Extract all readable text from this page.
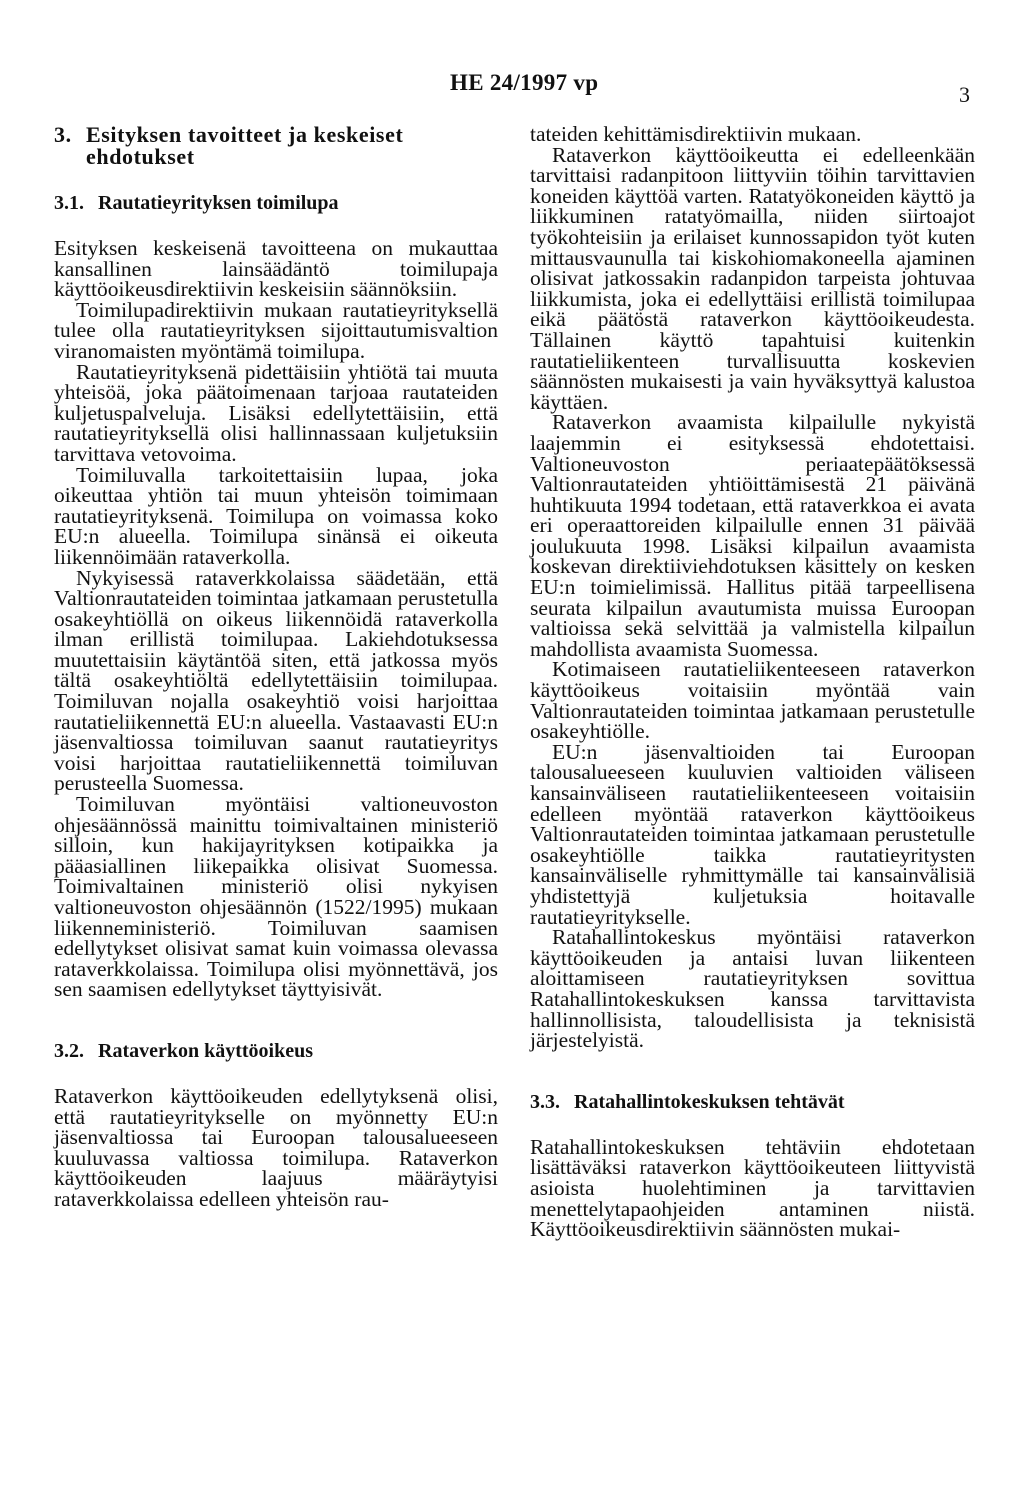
HE 24/1997 vp	3
3. Esityksen tavoitteet ja keskeiset ehdotukset
3.1. Rautatieyrityksen toimilupa

Esityksen keskeisenä tavoitteena on mukauttaa kansallinen lainsäädäntö toimilupaja käyttöoikeusdirektiivin keskeisiin säännöksiin.

Toimilupadirektiivin mukaan rautatieyrityksellä tulee olla rautatieyrityksen sijoittautumisvaltion viranomaisten myöntämä toimilupa.

Rautatieyrityksenä pidettäisiin yhtiötä tai muuta yhteisöä, joka päätoimenaan tarjoaa rautateiden kuljetuspalveluja. Lisäksi edellytettäisiin, että rautatieyrityksellä olisi hallinnassaan kuljetuksiin tarvittava vetovoima.

Toimiluvalla tarkoitettaisiin lupaa, joka oikeuttaa yhtiön tai muun yhteisön toimimaan rautatieyrityksenä. Toimilupa on voimassa koko EU:n alueella. Toimilupa sinänsä ei oikeuta liikennöimään rataverkolla.

Nykyisessä rataverkkolaissa säädetään, että Valtionrautateiden toimintaa jatkamaan perustetulla osakeyhtiöllä on oikeus liikennöidä rataverkolla ilman erillistä toimilupaa. Lakiehdotuksessa muutettaisiin käytäntöä siten, että jatkossa myös tältä osakeyhtiöltä edellytettäisiin toimilupaa. Toimiluvan nojalla osakeyhtiö voisi harjoittaa rautatieliikennettä EU:n alueella. Vastaavasti EU:n jäsenvaltiossa toimiluvan saanut rautatieyritys voisi harjoittaa rautatieliikennettä toimiluvan perusteella Suomessa.

Toimiluvan myöntäisi valtioneuvoston ohjesäännössä mainittu toimivaltainen ministeriö silloin, kun hakijayrityksen kotipaikka ja pääasiallinen liikepaikka olisivat Suomessa. Toimivaltainen ministeriö olisi nykyisen valtioneuvoston ohjesäännön (1522/1995) mukaan liikenneministeriö. Toimiluvan saamisen edellytykset olisivat samat kuin voimassa olevassa rataverkkolaissa. Toimilupa olisi myönnettävä, jos sen saamisen edellytykset täyttyisivät.

3.2. Rataverkon käyttöoikeus

Rataverkon käyttöoikeuden edellytyksenä olisi, että rautatieyritykselle on myönnetty EU:n jäsenvaltiossa tai Euroopan talousalueeseen kuuluvassa valtiossa toimilupa. Rataverkon käyttöoikeuden laajuus määräytyisi rataverkkolaissa edelleen yhteisön rau-

tateiden kehittämisdirektiivin mukaan.

Rataverkon käyttöoikeutta ei edelleenkään tarvittaisi radanpitoon liittyviin töihin tarvittavien koneiden käyttöä varten. Ratatyökoneiden käyttö ja liikkuminen ratatyömailla, niiden siirtoajot työkohteisiin ja erilaiset kunnossapidon työt kuten mittausvaunulla tai kiskohiomakoneella ajaminen olisivat jatkossakin radanpidon tarpeista johtuvaa liikkumista, joka ei edellyttäisi erillistä toimilupaa eikä päätöstä rataverkon käyttöoikeudesta. Tällainen käyttö tapahtuisi kuitenkin rautatieliikenteen turvallisuutta koskevien säännösten mukaisesti ja vain hyväksyttyä kalustoa käyttäen.

Rataverkon avaamista kilpailulle nykyistä laajemmin ei esityksessä ehdotettaisi. Valtioneuvoston periaatepäätöksessä Valtionrautateiden yhtiöittämisestä 21 päivänä huhtikuuta 1994 todetaan, että rataverkkoa ei avata eri operaattoreiden kilpailulle ennen 31 päivää joulukuuta 1998. Lisäksi kilpailun avaamista koskevan direktiiviehdotuksen käsittely on kesken EU:n toimielimissä. Hallitus pitää tarpeellisena seurata kilpailun avautumista muissa Euroopan valtioissa sekä selvittää ja valmistella kilpailun mahdollista avaamista Suomessa.

Kotimaiseen rautatieliikenteeseen rataverkon käyttöoikeus voitaisiin myöntää vain Valtionrautateiden toimintaa jatkamaan perustetulle osakeyhtiölle.

EU:n jäsenvaltioiden tai Euroopan talousalueeseen kuuluvien valtioiden väliseen kansainväliseen rautatieliikenteeseen voitaisiin edelleen myöntää rataverkon käyttöoikeus Valtionrautateiden toimintaa jatkamaan perustetulle osakeyhtiölle taikka rautatieyritysten kansainväliselle ryhmittymälle tai kansainvälisiä yhdistettyjä kuljetuksia hoitavalle rautatieyritykselle.

Ratahallintokeskus myöntäisi rataverkon käyttöoikeuden ja antaisi luvan liikenteen aloittamiseen rautatieyrityksen sovittua Ratahallintokeskuksen kanssa tarvittavista hallinnollisista, taloudellisista ja teknisistä järjestelyistä.

3.3. Ratahallintokeskuksen tehtävät

Ratahallintokeskuksen tehtäviin ehdotetaan lisättäväksi rataverkon käyttöoikeuteen liittyvistä asioista huolehtiminen ja tarvittavien menettelytapaohjeiden antaminen niistä. Käyttöoikeusdirektiivin säännösten mukai-
